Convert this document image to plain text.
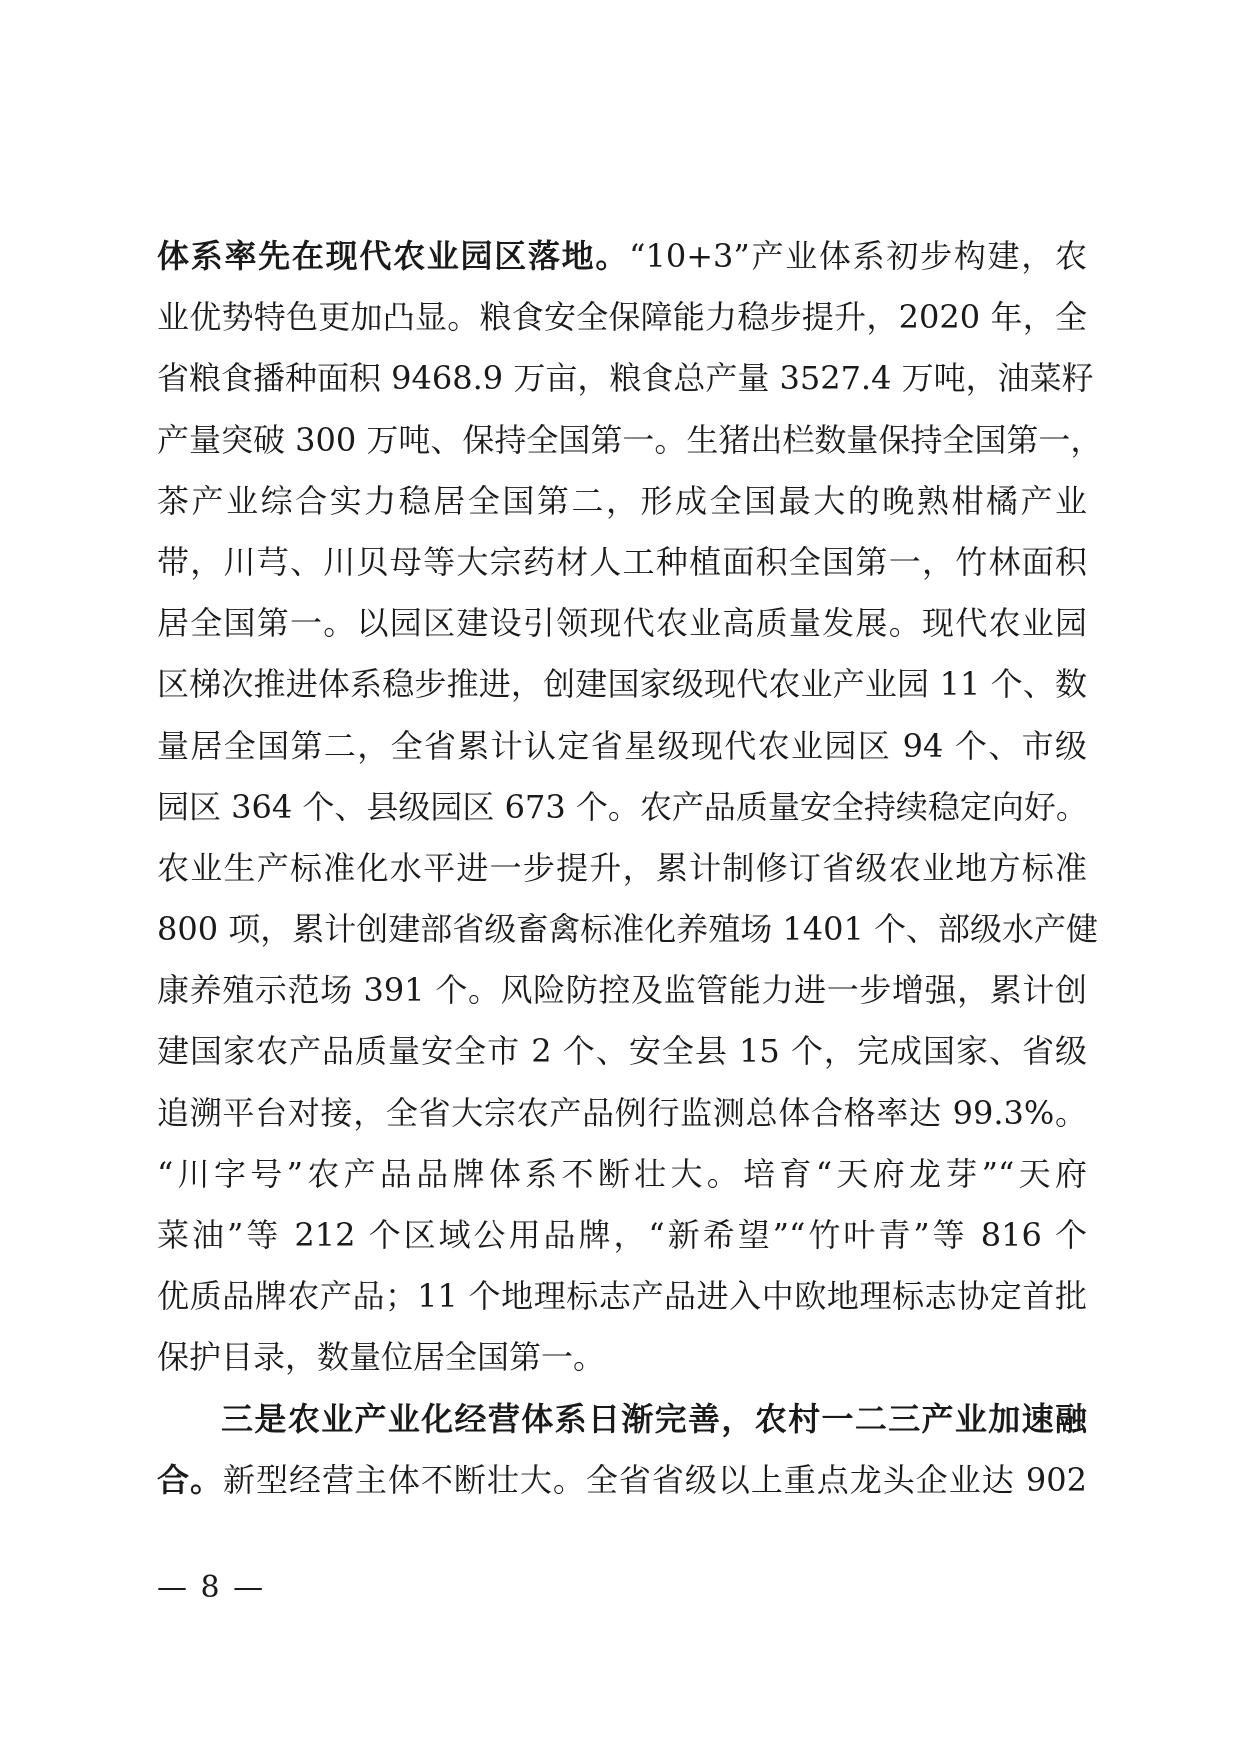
体系率先在现代农业园区落地。“10+3”产业体系初步构建，农
业优势特色更加凸显。粮食安全保障能力稳步提升，2020 年，全
省粮食播种面积 9468.9 万亩，粮食总产量 3527.4 万吨，油菜籽
产量突破 300 万吨、保持全国第一。生猪出栏数量保持全国第一，
茶产业综合实力稳居全国第二，形成全国最大的晚熟柑橘产业
带，川芎、川贝母等大宗药材人工种植面积全国第一，竹林面积
居全国第一。以园区建设引领现代农业高质量发展。现代农业园
区梯次推进体系稳步推进，创建国家级现代农业产业园 11 个、数
量居全国第二，全省累计认定省星级现代农业园区 94 个、市级
园区 364 个、县级园区 673 个。农产品质量安全持续稳定向好。
农业生产标准化水平进一步提升，累计制修订省级农业地方标准
800 项，累计创建部省级畜禽标准化养殖场 1401 个、部级水产健
康养殖示范场 391 个。风险防控及监管能力进一步增强，累计创
建国家农产品质量安全市 2 个、安全县 15 个，完成国家、省级
追溯平台对接，全省大宗农产品例行监测总体合格率达 99.3%。
“川字号”农产品品牌体系不断壮大。培育“天府龙芽”“天府
菜油”等 212 个区域公用品牌，“新希望”“竹叶青”等 816 个
优质品牌农产品；11 个地理标志产品进入中欧地理标志协定首批
保护目录，数量位居全国第一。
三是农业产业化经营体系日渐完善，农村一二三产业加速融
合。新型经营主体不断壮大。全省省级以上重点龙头企业达 902
— 8 —
